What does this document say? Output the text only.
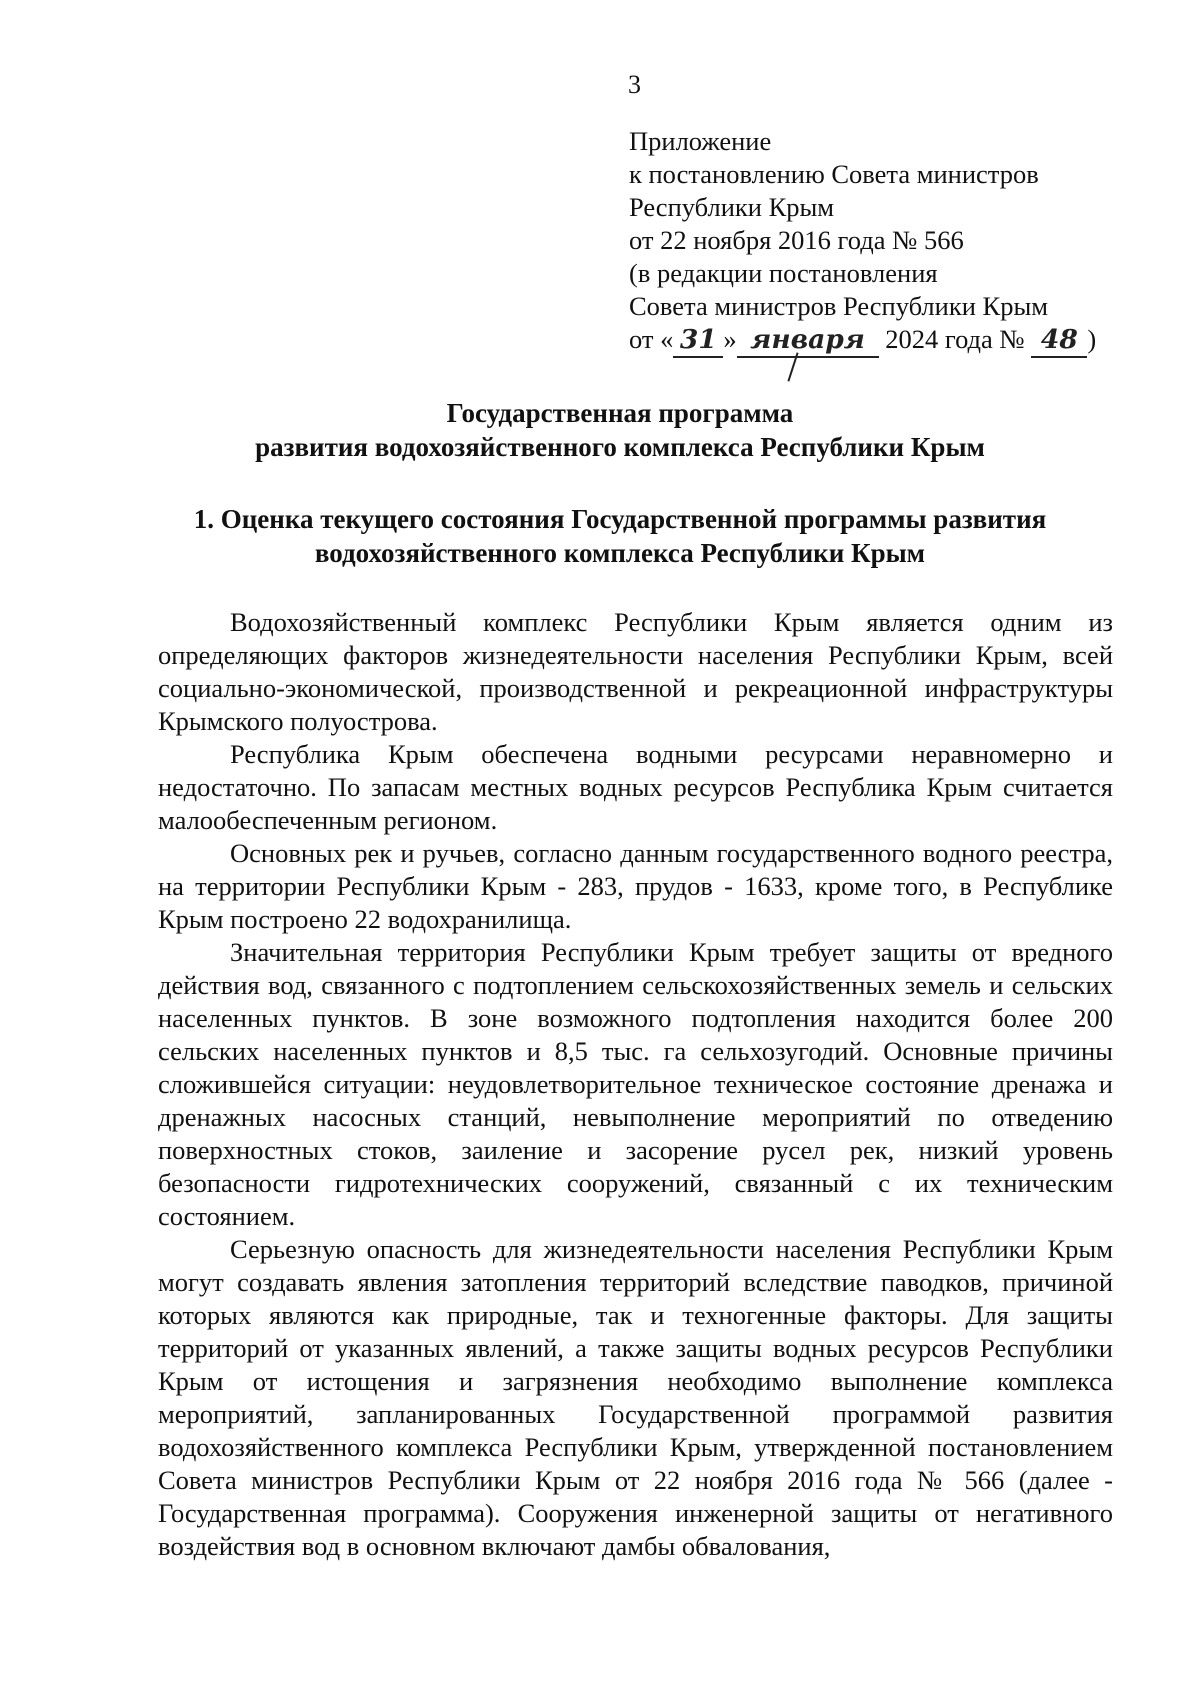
3
Приложение
к постановлению Совета министров
Республики Крым
от 22 ноября 2016 года № 566
(в редакции постановления
Совета министров Республики Крым
от « 31 » января 2024 года № 48 )
Государственная программа
развития водохозяйственного комплекса Республики Крым
1. Оценка текущего состояния Государственной программы развития
водохозяйственного комплекса Республики Крым

Водохозяйственный комплекс Республики Крым является одним из определяющих факторов жизнедеятельности населения Республики Крым, всей социально-экономической, производственной и рекреационной инфраструктуры Крымского полуострова.

Республика Крым обеспечена водными ресурсами неравномерно и недостаточно. По запасам местных водных ресурсов Республика Крым считается малообеспеченным регионом.

Основных рек и ручьев, согласно данным государственного водного реестра, на территории Республики Крым - 283, прудов - 1633, кроме того, в Республике Крым построено 22 водохранилища.

Значительная территория Республики Крым требует защиты от вредного действия вод, связанного с подтоплением сельскохозяйственных земель и сельских населенных пунктов. В зоне возможного подтопления находится более 200 сельских населенных пунктов и 8,5 тыс. га сельхозугодий. Основные причины сложившейся ситуации: неудовлетворительное техническое состояние дренажа и дренажных насосных станций, невыполнение мероприятий по отведению поверхностных стоков, заиление и засорение русел рек, низкий уровень безопасности гидротехнических сооружений, связанный с их техническим состоянием.

Серьезную опасность для жизнедеятельности населения Республики Крым могут создавать явления затопления территорий вследствие паводков, причиной которых являются как природные, так и техногенные факторы. Для защиты территорий от указанных явлений, а также защиты водных ресурсов Республики Крым от истощения и загрязнения необходимо выполнение комплекса мероприятий, запланированных Государственной программой развития водохозяйственного комплекса Республики Крым, утвержденной постановлением Совета министров Республики Крым от 22 ноября 2016 года № 566 (далее - Государственная программа). Сооружения инженерной защиты от негативного воздействия вод в основном включают дамбы обвалования,
